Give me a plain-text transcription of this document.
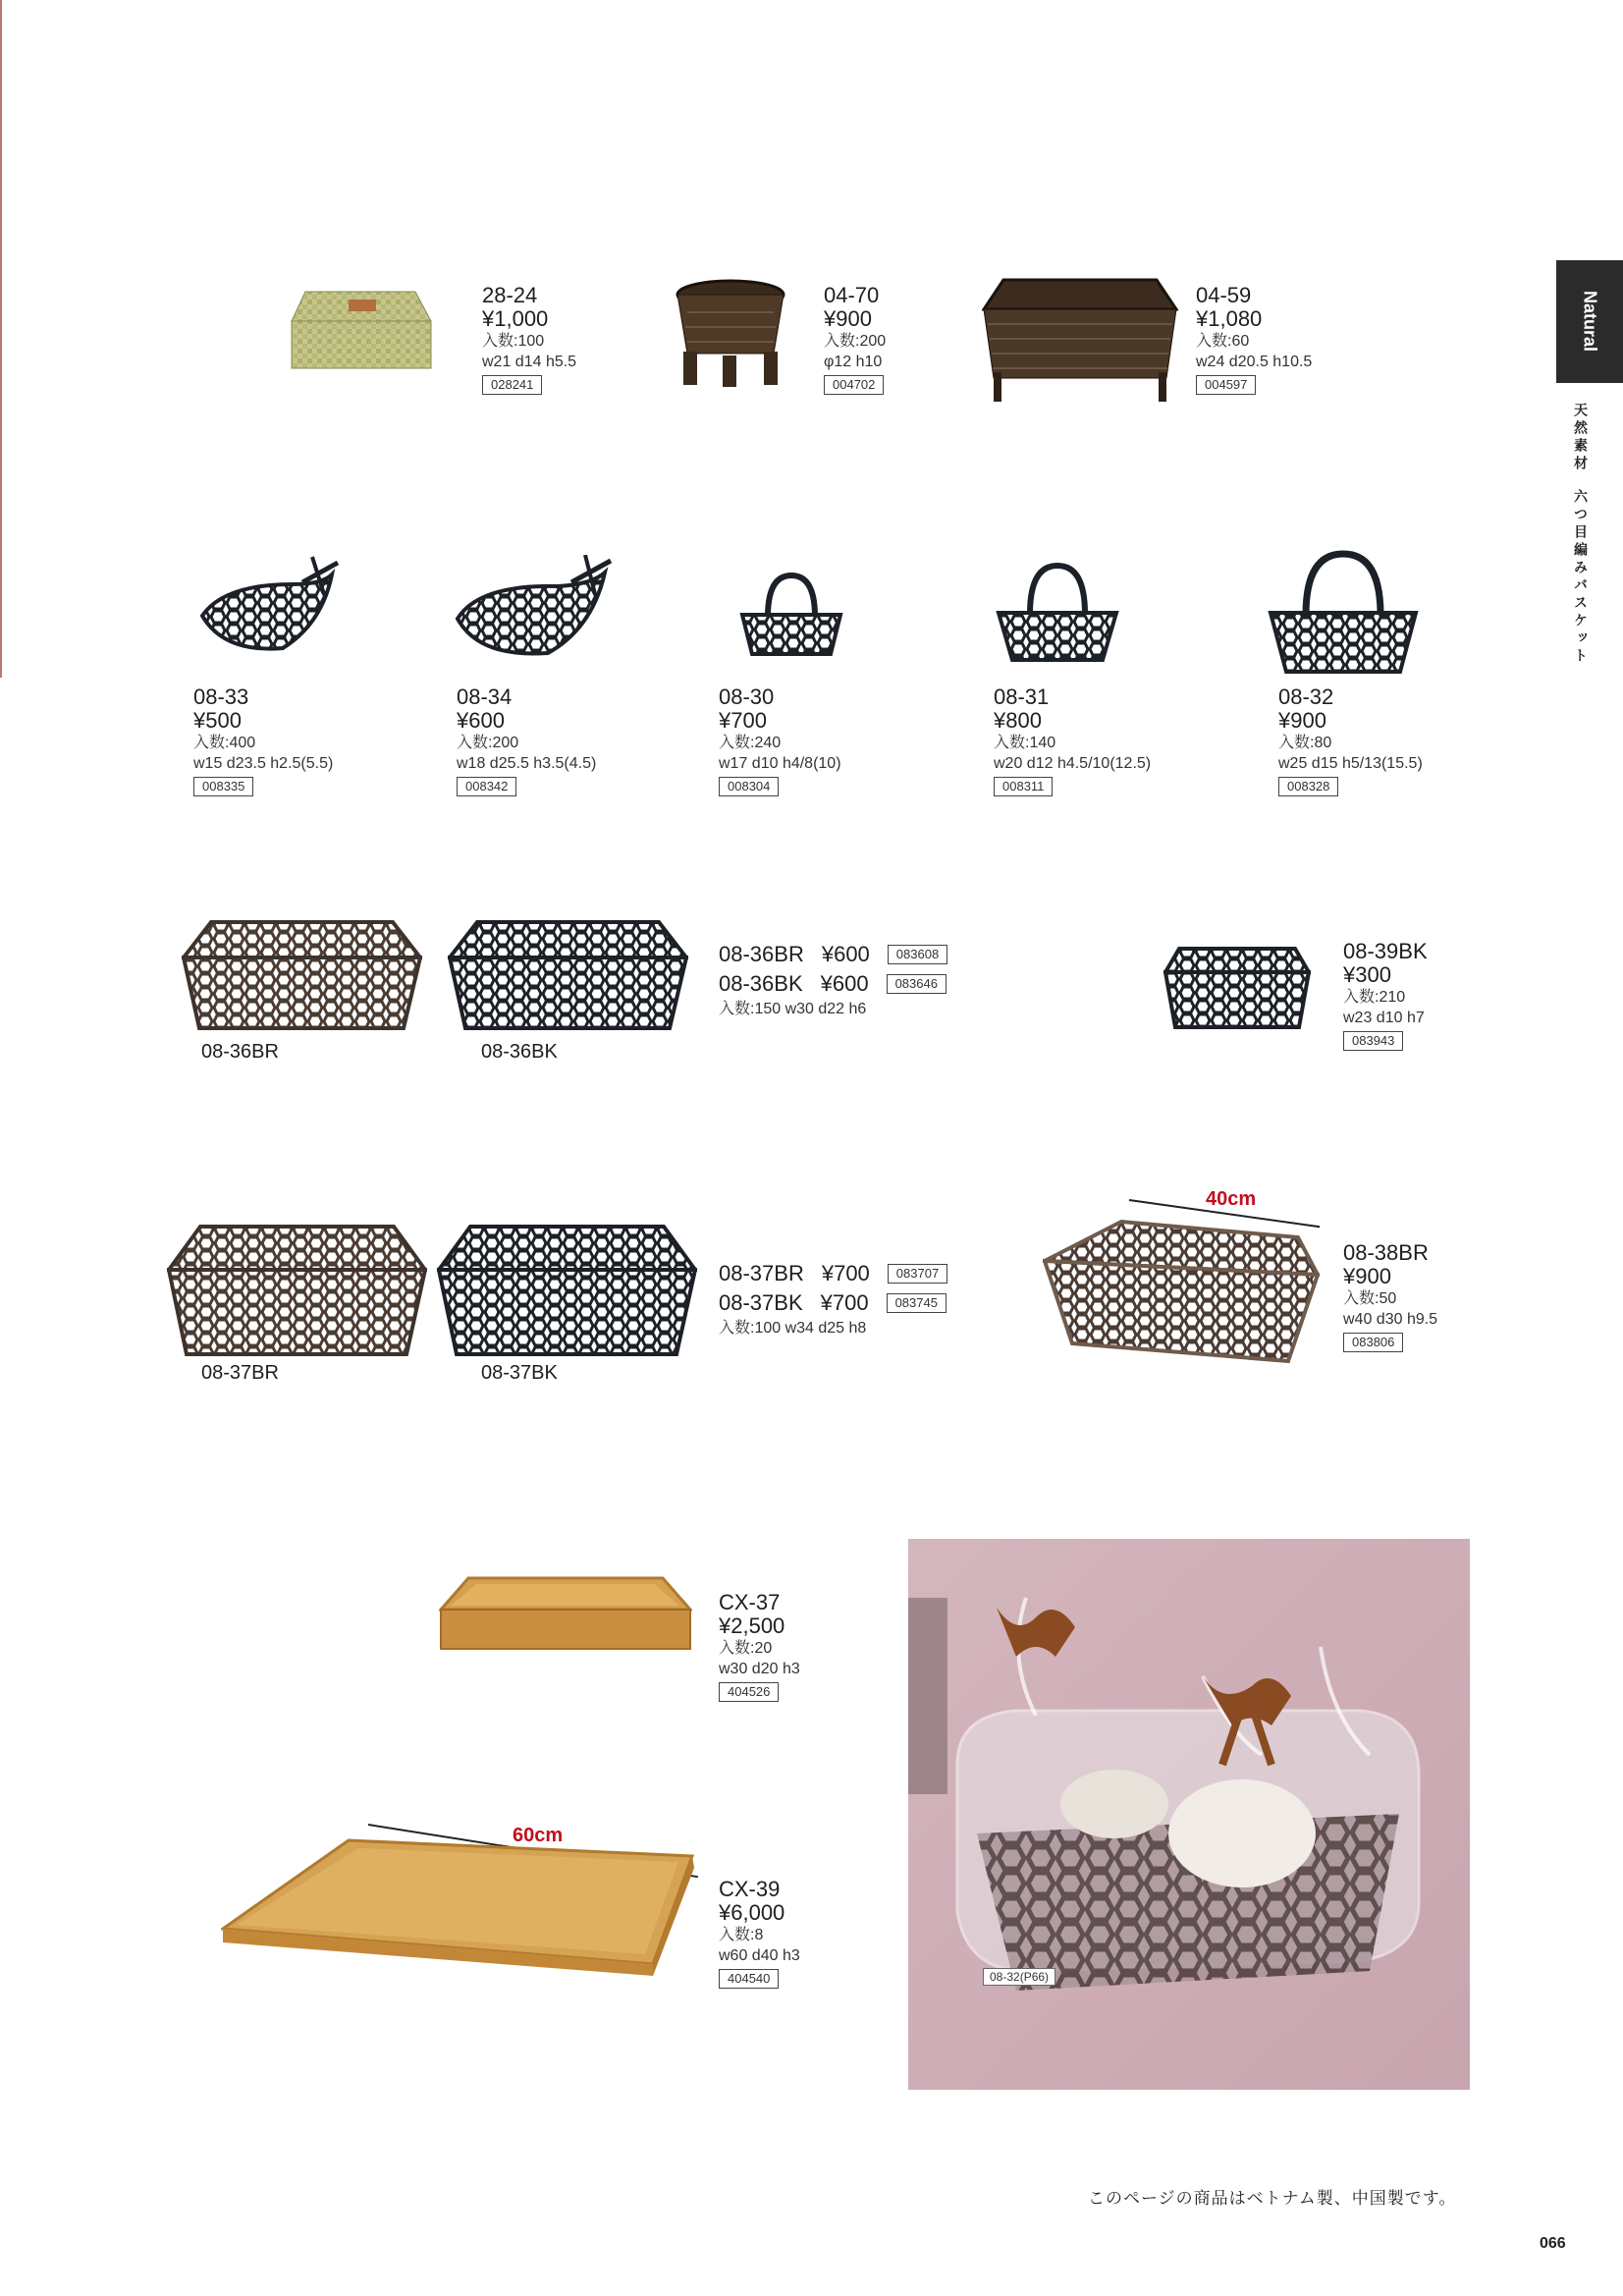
Natural
天然素材
六つ目編みバスケット
28-24
¥1,000
入数:100
w21 d14 h5.5
028241
04-70
¥900
入数:200
φ12 h10
004702
04-59
¥1,080
入数:60
w24 d20.5 h10.5
004597
08-33
¥500
入数:400
w15 d23.5 h2.5(5.5)
008335
08-34
¥600
入数:200
w18 d25.5 h3.5(4.5)
008342
08-30
¥700
入数:240
w17 d10 h4/8(10)
008304
08-31
¥800
入数:140
w20 d12 h4.5/10(12.5)
008311
08-32
¥900
入数:80
w25 d15 h5/13(15.5)
008328
08-36BR	08-36BK
08-36BR ¥600	083608
08-36BK ¥600	083646
入数:150 w30 d22 h6
08-39BK
¥300
入数:210
w23 d10 h7
083943
08-37BR	08-37BK
08-37BR ¥700	083707
08-37BK ¥700	083745
入数:100 w34 d25 h8
40cm
08-38BR
¥900
入数:50
w40 d30 h9.5
083806
CX-37
¥2,500
入数:20
w30 d20 h3
404526
60cm
CX-39
¥6,000
入数:8
w60 d40 h3
404540	08-32(P66)
このページの商品はベトナム製、中国製です。
066
